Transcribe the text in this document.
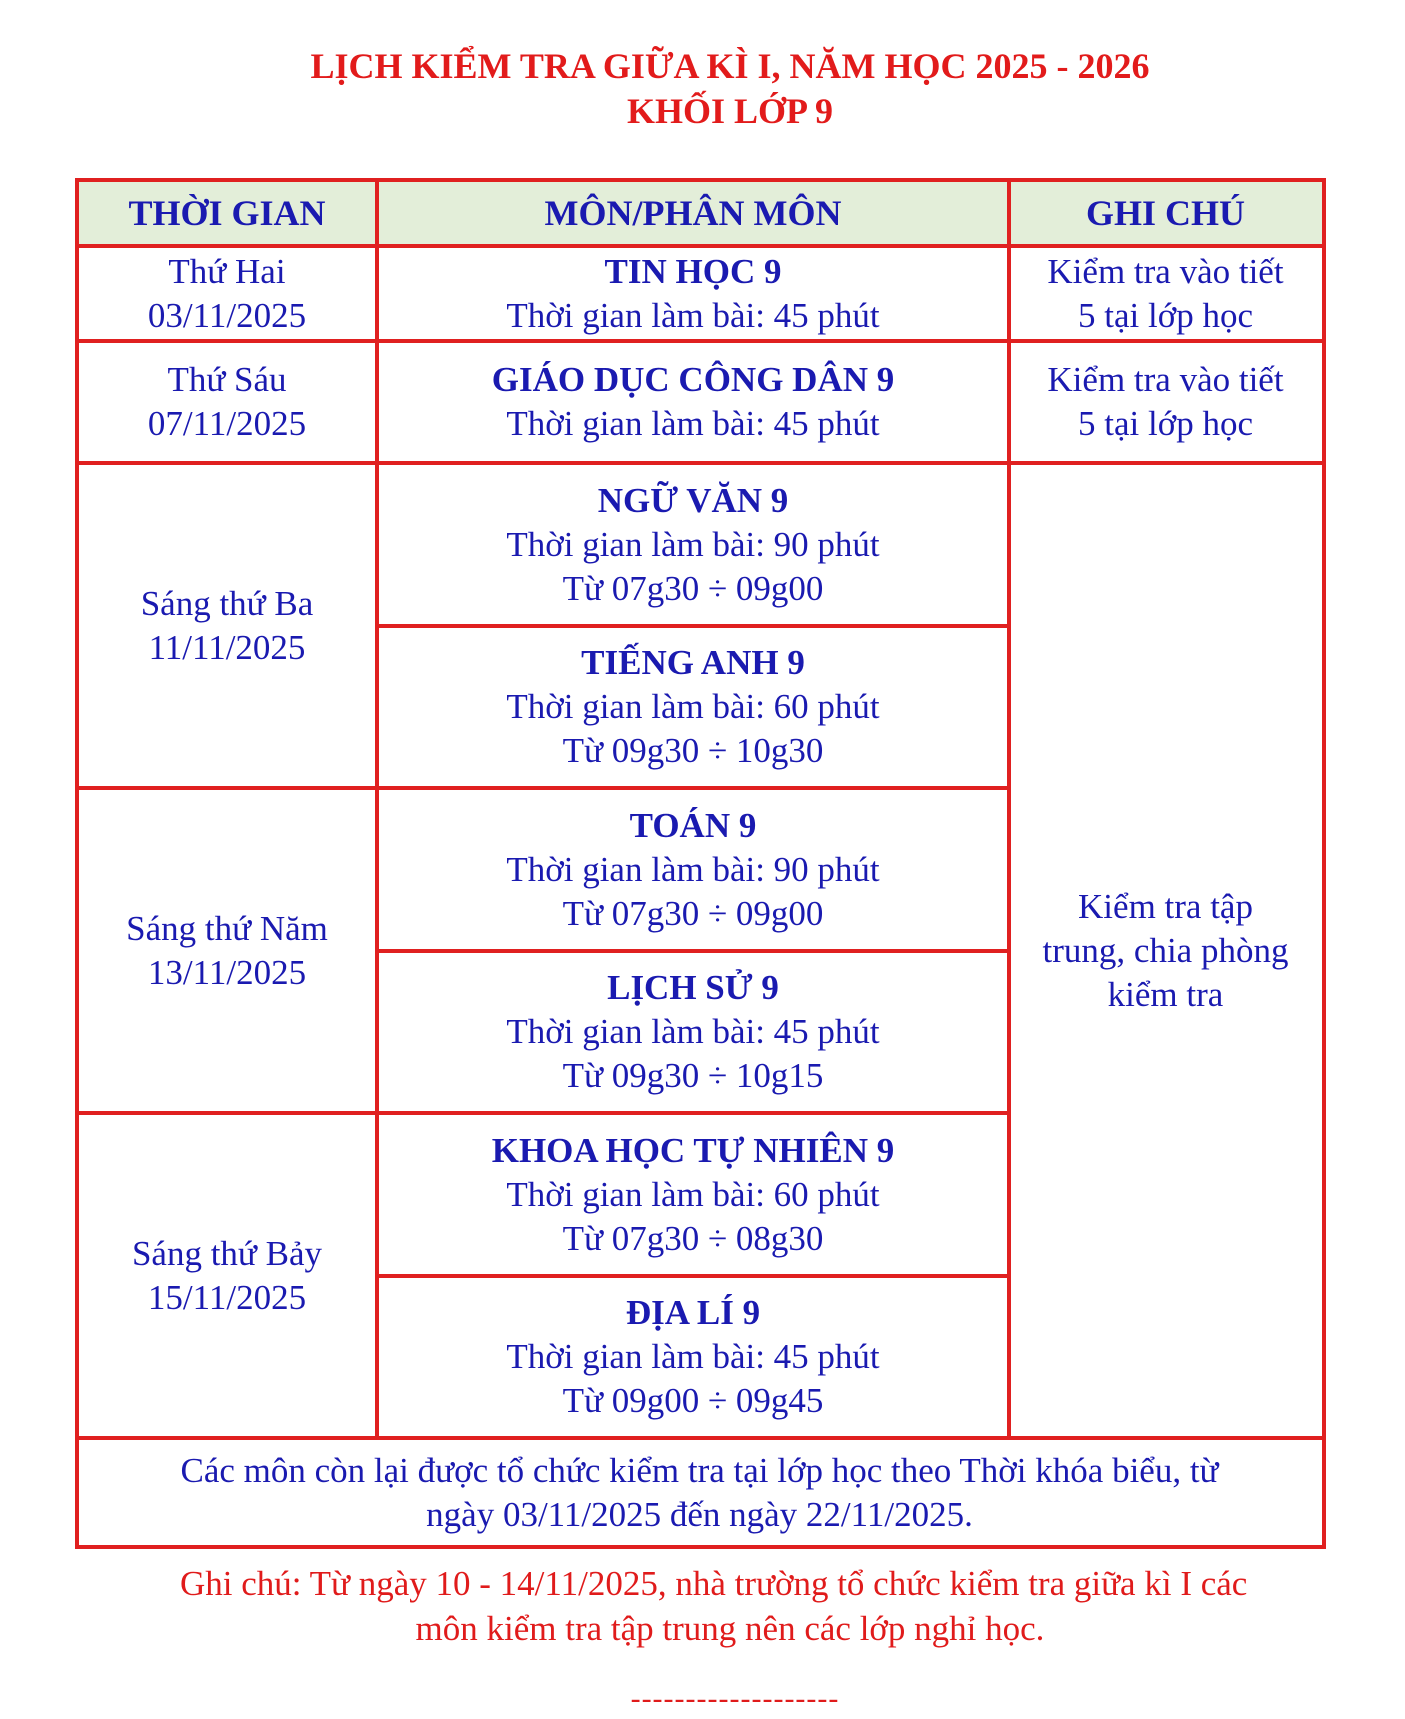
LỊCH KIỂM TRA GIỮA KÌ I, NĂM HỌC 2025 - 2026
KHỐI LỚP 9
THỜI GIAN	MÔN/PHÂN MÔN	GHI CHÚ
Thứ Hai
03/11/2025
Thứ Sáu
07/11/2025
Sáng thứ Ba
11/11/2025
Sáng thứ Năm
13/11/2025
Sáng thứ Bảy
15/11/2025
TIN HỌC 9
Thời gian làm bài: 45 phút
GIÁO DỤC CÔNG DÂN 9
Thời gian làm bài: 45 phút
NGỮ VĂN 9
Thời gian làm bài: 90 phút
Từ 07g30 ÷ 09g00
TIẾNG ANH 9
Thời gian làm bài: 60 phút
Từ 09g30 ÷ 10g30
TOÁN 9
Thời gian làm bài: 90 phút
Từ 07g30 ÷ 09g00
LỊCH SỬ 9
Thời gian làm bài: 45 phút
Từ 09g30 ÷ 10g15
KHOA HỌC TỰ NHIÊN 9
Thời gian làm bài: 60 phút
Từ 07g30 ÷ 08g30
ĐỊA LÍ 9
Thời gian làm bài: 45 phút
Từ 09g00 ÷ 09g45
Kiểm tra vào tiết
5 tại lớp học
Kiểm tra vào tiết
5 tại lớp học
Kiểm tra tập
trung, chia phòng
kiểm tra
Các môn còn lại được tổ chức kiểm tra tại lớp học theo Thời khóa biểu, từ
ngày 03/11/2025 đến ngày 22/11/2025.
Ghi chú: Từ ngày 10 - 14/11/2025, nhà trường tổ chức kiểm tra giữa kì I các
môn kiểm tra tập trung nên các lớp nghỉ học.
-------------------
